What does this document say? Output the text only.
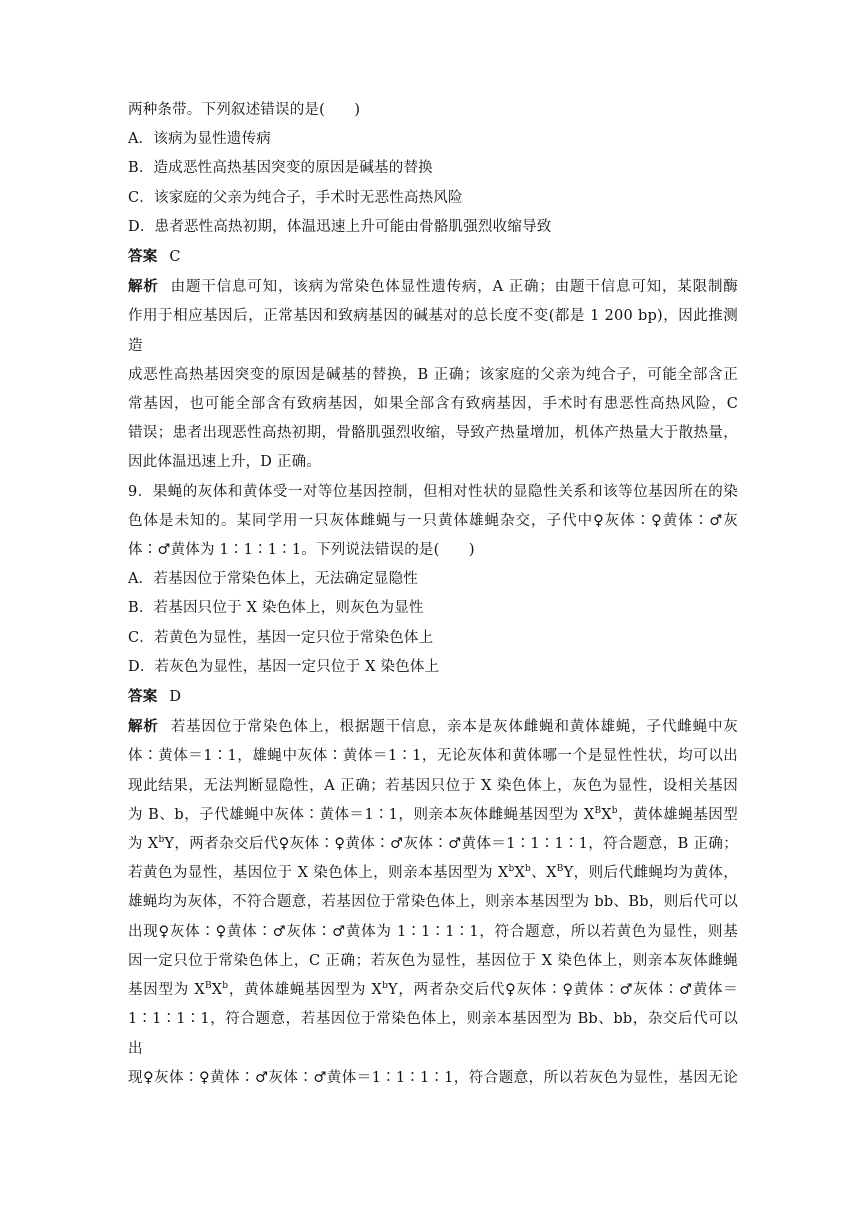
两种条带。下列叙述错误的是(　　)
A．该病为显性遗传病
B．造成恶性高热基因突变的原因是碱基的替换
C．该家庭的父亲为纯合子，手术时无恶性高热风险
D．患者恶性高热初期，体温迅速上升可能由骨骼肌强烈收缩导致
答案 C
解析 由题干信息可知，该病为常染色体显性遗传病，A 正确；由题干信息可知，某限制酶
作用于相应基因后，正常基因和致病基因的碱基对的总长度不变(都是 1 200 bp)，因此推测造
成恶性高热基因突变的原因是碱基的替换，B 正确；该家庭的父亲为纯合子，可能全部含正
常基因，也可能全部含有致病基因，如果全部含有致病基因，手术时有患恶性高热风险，C
错误；患者出现恶性高热初期，骨骼肌强烈收缩，导致产热量增加，机体产热量大于散热量，
因此体温迅速上升，D 正确。
9．果蝇的灰体和黄体受一对等位基因控制，但相对性状的显隐性关系和该等位基因所在的染
色体是未知的。某同学用一只灰体雌蝇与一只黄体雄蝇杂交，子代中♀灰体∶♀黄体∶♂灰
体∶♂黄体为 1∶1∶1∶1。下列说法错误的是(　　)
A．若基因位于常染色体上，无法确定显隐性
B．若基因只位于 X 染色体上，则灰色为显性
C．若黄色为显性，基因一定只位于常染色体上
D．若灰色为显性，基因一定只位于 X 染色体上
答案 D
解析 若基因位于常染色体上，根据题干信息，亲本是灰体雌蝇和黄体雄蝇，子代雌蝇中灰
体∶黄体＝1∶1，雄蝇中灰体∶黄体＝1∶1，无论灰体和黄体哪一个是显性性状，均可以出
现此结果，无法判断显隐性，A 正确；若基因只位于 X 染色体上，灰色为显性，设相关基因
为 B、b，子代雄蝇中灰体∶黄体＝1∶1，则亲本灰体雌蝇基因型为 $X^BX^b$，黄体雄蝇基因型
为 $X^bY$，两者杂交后代♀灰体∶♀黄体∶♂灰体∶♂黄体＝1∶1∶1∶1，符合题意，B 正确；
若黄色为显性，基因位于 X 染色体上，则亲本基因型为 $X^bX^b$、$X^BY$，则后代雌蝇均为黄体，
雄蝇均为灰体，不符合题意，若基因位于常染色体上，则亲本基因型为 bb、Bb，则后代可以
出现♀灰体∶♀黄体∶♂灰体∶♂黄体为 1∶1∶1∶1，符合题意，所以若黄色为显性，则基
因一定只位于常染色体上，C 正确；若灰色为显性，基因位于 X 染色体上，则亲本灰体雌蝇
基因型为 $X^BX^b$，黄体雄蝇基因型为 $X^bY$，两者杂交后代♀灰体∶♀黄体∶♂灰体∶♂黄体＝
1∶1∶1∶1，符合题意，若基因位于常染色体上，则亲本基因型为 Bb、bb，杂交后代可以出
现♀灰体∶♀黄体∶♂灰体∶♂黄体＝1∶1∶1∶1，符合题意，所以若灰色为显性，基因无论
